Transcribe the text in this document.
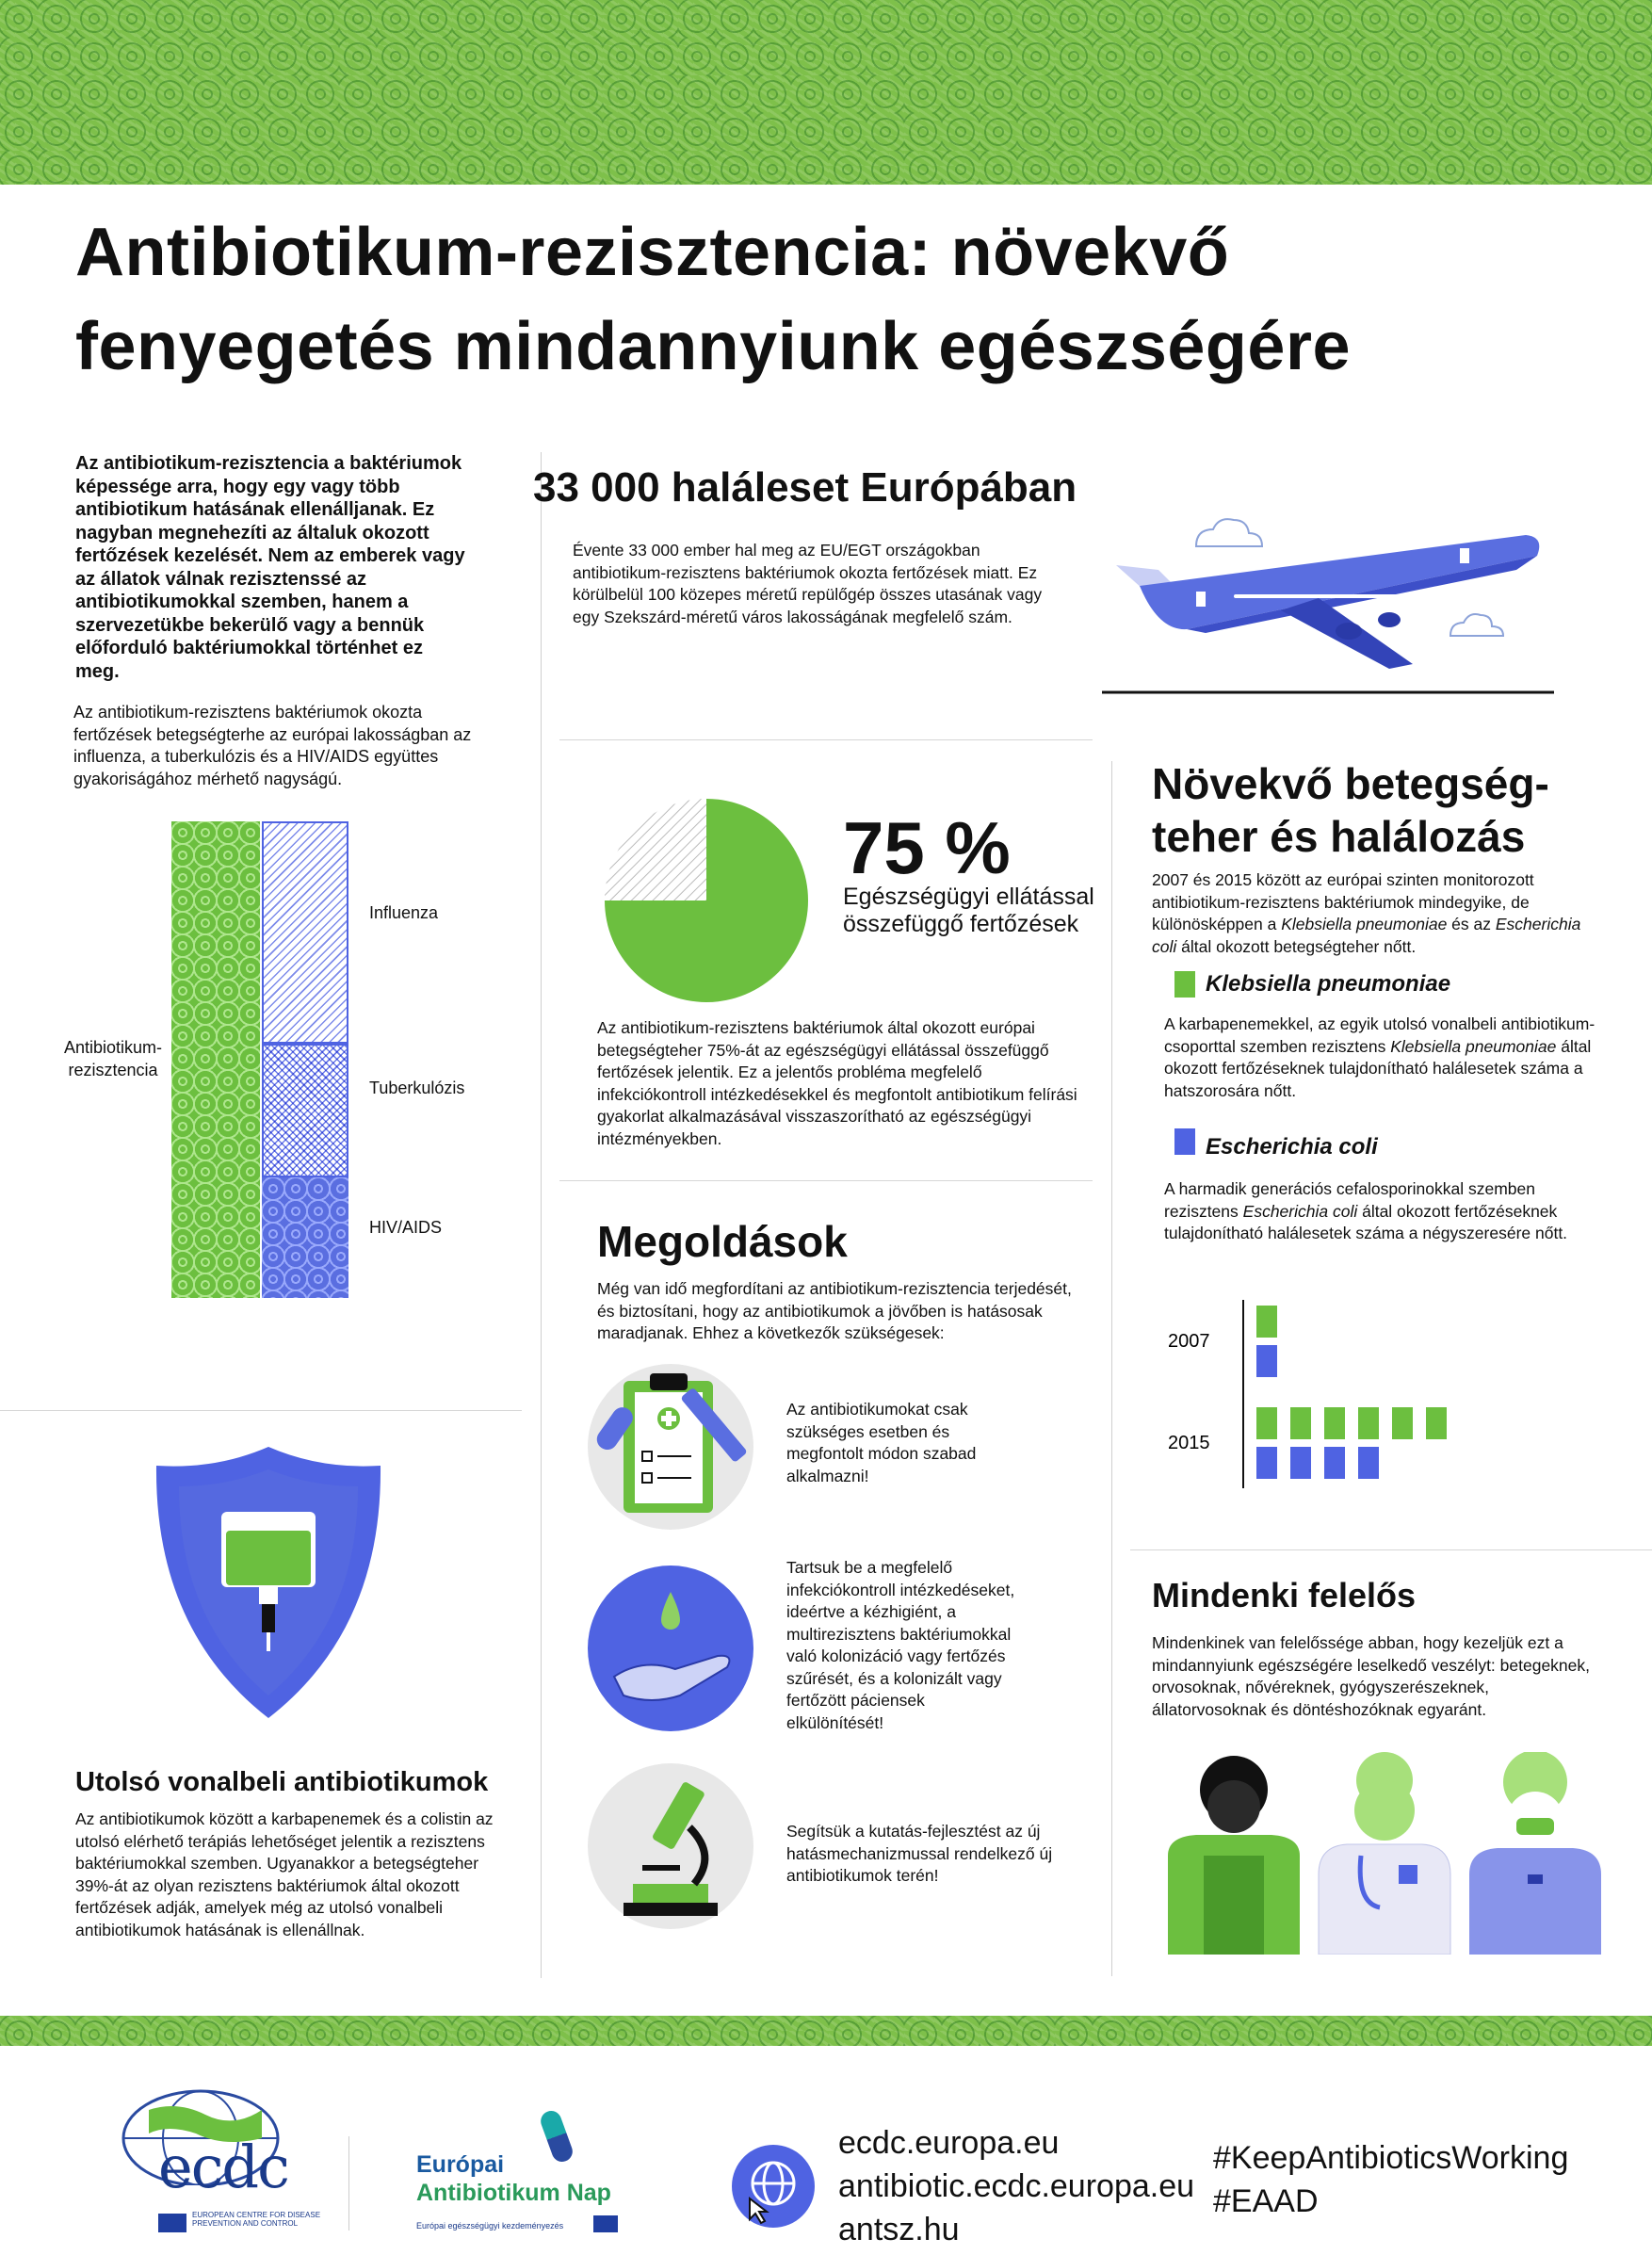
Antibiotikum-rezisztencia: növekvő
fenyegetés mindannyiunk egészségére
Az antibiotikum-rezisztencia a baktériumok képessége arra, hogy egy vagy több antibiotikum hatásának ellenálljanak. Ez nagyban megnehezíti az általuk okozott fertőzések kezelését. Nem az emberek vagy az állatok válnak rezisztenssé az antibiotikumokkal szemben, hanem a szervezetükbe bekerülő vagy a bennük előforduló baktériumokkal történhet ez meg.
Az antibiotikum-rezisztens baktériumok okozta fertőzések betegségterhe az európai lakosságban az influenza, a tuberkulózis és a HIV/AIDS együttes gyakoriságához mérhető nagyságú.
Antibiotikum-rezisztencia
Influenza
Tuberkulózis
HIV/AIDS
33 000 haláleset Európában
Évente 33 000 ember hal meg az EU/EGT országokban antibiotikum-rezisztens baktériumok okozta fertőzések miatt. Ez körülbelül 100 közepes méretű repülőgép összes utasának vagy egy Szekszárd-méretű város lakosságának megfelelő szám.
75 %
Egészségügyi ellátással összefüggő fertőzések
Az antibiotikum-rezisztens baktériumok által okozott európai betegségteher 75%-át az egészségügyi ellátással összefüggő fertőzések jelentik. Ez a jelentős probléma megfelelő infekciókontroll intézkedésekkel és megfontolt antibiotikum felírási gyakorlat alkalmazásával visszaszorítható az egészségügyi intézményekben.
Növekvő betegség-
teher és halálozás
2007 és 2015 között az európai szinten monitorozott antibiotikum-rezisztens baktériumok mindegyike, de különösképpen a Klebsiella pneumoniae és az Escherichia coli által okozott betegségteher nőtt.
Klebsiella pneumoniae
A karbapenemekkel, az egyik utolsó vonalbeli antibiotikum-csoporttal szemben rezisztens Klebsiella pneumoniae által okozott fertőzéseknek tulajdonítható halálesetek száma a hatszorosára nőtt.
Escherichia coli
A harmadik generációs cefalosporinokkal szemben rezisztens Escherichia coli által okozott fertőzéseknek tulajdonítható halálesetek száma a négyszeresére nőtt.
2007
2015
Megoldások
Még van idő megfordítani az antibiotikum-rezisztencia terjedését, és biztosítani, hogy az antibiotikumok a jövőben is hatásosak maradjanak. Ehhez a következők szükségesek:
Az antibiotikumokat csak szükséges esetben és megfontolt módon szabad alkalmazni!
Tartsuk be a megfelelő infekciókontroll intézkedéseket, ideértve a kézhigiént, a multirezisztens baktériumokkal való kolonizáció vagy fertőzés szűrését, és a kolonizált vagy fertőzött páciensek elkülönítését!
Segítsük a kutatás-fejlesztést az új hatásmechanizmussal rendelkező új antibiotikumok terén!
Utolsó vonalbeli antibiotikumok
Az antibiotikumok között a karbapenemek és a colistin az utolsó elérhető terápiás lehetőséget jelentik a rezisztens baktériumokkal szemben. Ugyanakkor a betegségteher 39%-át az olyan rezisztens baktériumok által okozott fertőzések adják, amelyek még az utolsó vonalbeli antibiotikumok hatásának is ellenállnak.
Mindenki felelős
Mindenkinek van felelőssége abban, hogy kezeljük ezt a mindannyiunk egészségére leselkedő veszélyt: betegeknek, orvosoknak, nővéreknek, gyógyszerészeknek, állatorvosoknak és döntéshozóknak egyaránt.
ecdc
EUROPEAN CENTRE FOR DISEASE PREVENTION AND CONTROL
Európai
Antibiotikum Nap
Európai egészségügyi kezdeményezés
ecdc.europa.eu
antibiotic.ecdc.europa.eu
antsz.hu
#KeepAntibioticsWorking
#EAAD
